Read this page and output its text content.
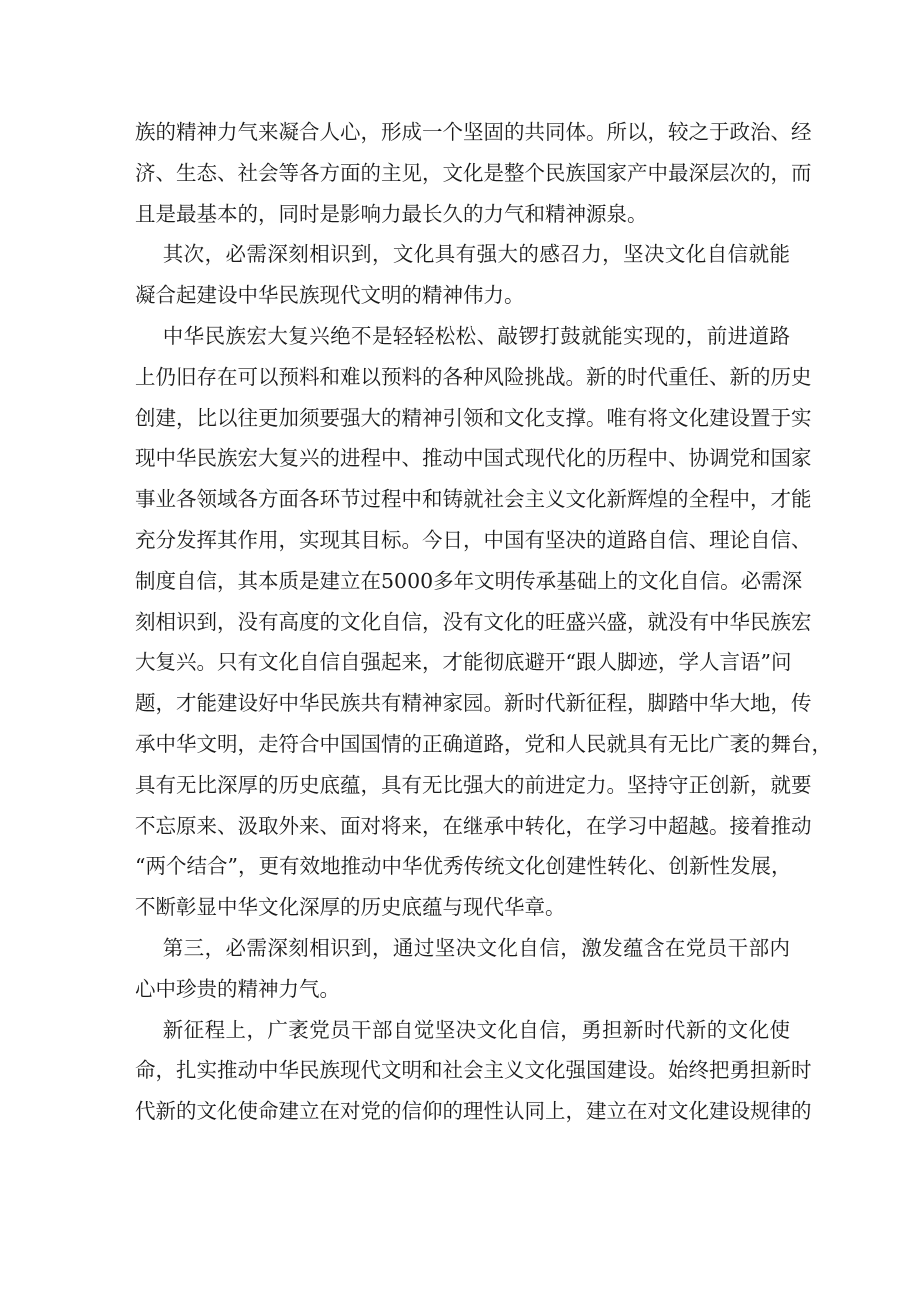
族的精神力气来凝合人心，形成一个坚固的共同体。所以，较之于政治、经
济、生态、社会等各方面的主见，文化是整个民族国家产中最深层次的，而
且是最基本的，同时是影响力最长久的力气和精神源泉。
其次，必需深刻相识到，文化具有强大的感召力，坚决文化自信就能
凝合起建设中华民族现代文明的精神伟力。
中华民族宏大复兴绝不是轻轻松松、敲锣打鼓就能实现的，前进道路
上仍旧存在可以预料和难以预料的各种风险挑战。新的时代重任、新的历史
创建，比以往更加须要强大的精神引领和文化支撑。唯有将文化建设置于实
现中华民族宏大复兴的进程中、推动中国式现代化的历程中、协调党和国家
事业各领域各方面各环节过程中和铸就社会主义文化新辉煌的全程中，才能
充分发挥其作用，实现其目标。今日，中国有坚决的道路自信、理论自信、
制度自信，其本质是建立在5000多年文明传承基础上的文化自信。必需深
刻相识到，没有高度的文化自信，没有文化的旺盛兴盛，就没有中华民族宏
大复兴。只有文化自信自强起来，才能彻底避开“跟人脚迹，学人言语”问
题，才能建设好中华民族共有精神家园。新时代新征程，脚踏中华大地，传
承中华文明，走符合中国国情的正确道路，党和人民就具有无比广袤的舞台，
具有无比深厚的历史底蕴，具有无比强大的前进定力。坚持守正创新，就要
不忘原来、汲取外来、面对将来，在继承中转化，在学习中超越。接着推动
“两个结合”，更有效地推动中华优秀传统文化创建性转化、创新性发展，
不断彰显中华文化深厚的历史底蕴与现代华章。
第三，必需深刻相识到，通过坚决文化自信，激发蕴含在党员干部内
心中珍贵的精神力气。
新征程上，广袤党员干部自觉坚决文化自信，勇担新时代新的文化使
命，扎实推动中华民族现代文明和社会主义文化强国建设。始终把勇担新时
代新的文化使命建立在对党的信仰的理性认同上，建立在对文化建设规律的
